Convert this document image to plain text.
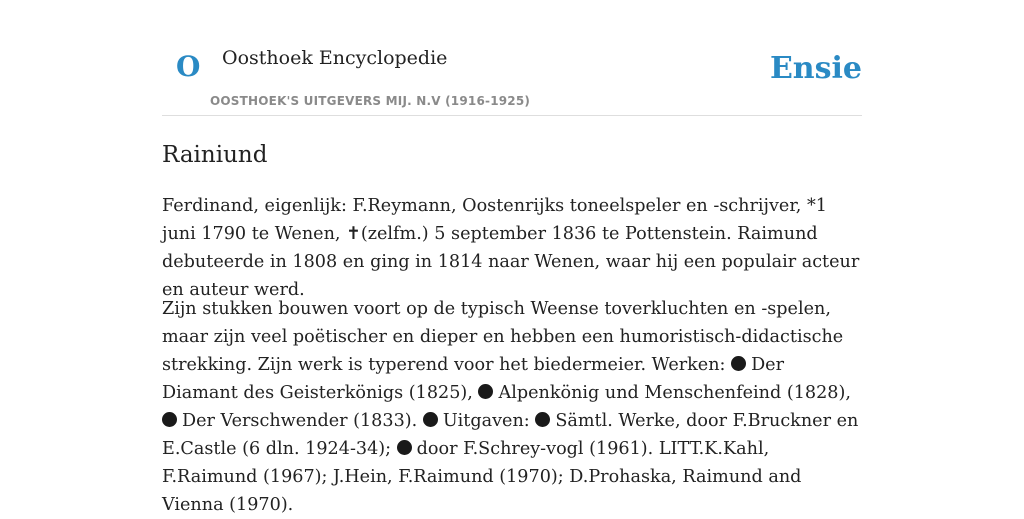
O Oosthoek Encyclopedie
OOSTHOEK'S UITGEVERS MIJ. N.V (1916-1925)
Ensie
Rainiund

Ferdinand, eigenlijk: F.Reymann, Oostenrijks toneelspeler en -schrijver, *1 juni 1790 te Wenen, ✝(zelfm.) 5 september 1836 te Pottenstein. Raimund debuteerde in 1808 en ging in 1814 naar Wenen, waar hij een populair acteur en auteur werd.

Zijn stukken bouwen voort op de typisch Weense toverkluchten en -spelen, maar zijn veel poëtischer en dieper en hebben een humoristisch-didactische strekking. Zijn werk is typerend voor het biedermeier. Werken: Der Diamant des Geisterkönigs (1825), Alpenkönig und Menschenfeind (1828), Der Verschwender (1833). Uitgaven: Sämtl. Werke, door F.Bruckner en E.Castle (6 dln. 1924-34); door F.Schrey-vogl (1961). LITT.K.Kahl, F.Raimund (1967); J.Hein, F.Raimund (1970); D.Prohaska, Raimund and Vienna (1970).
